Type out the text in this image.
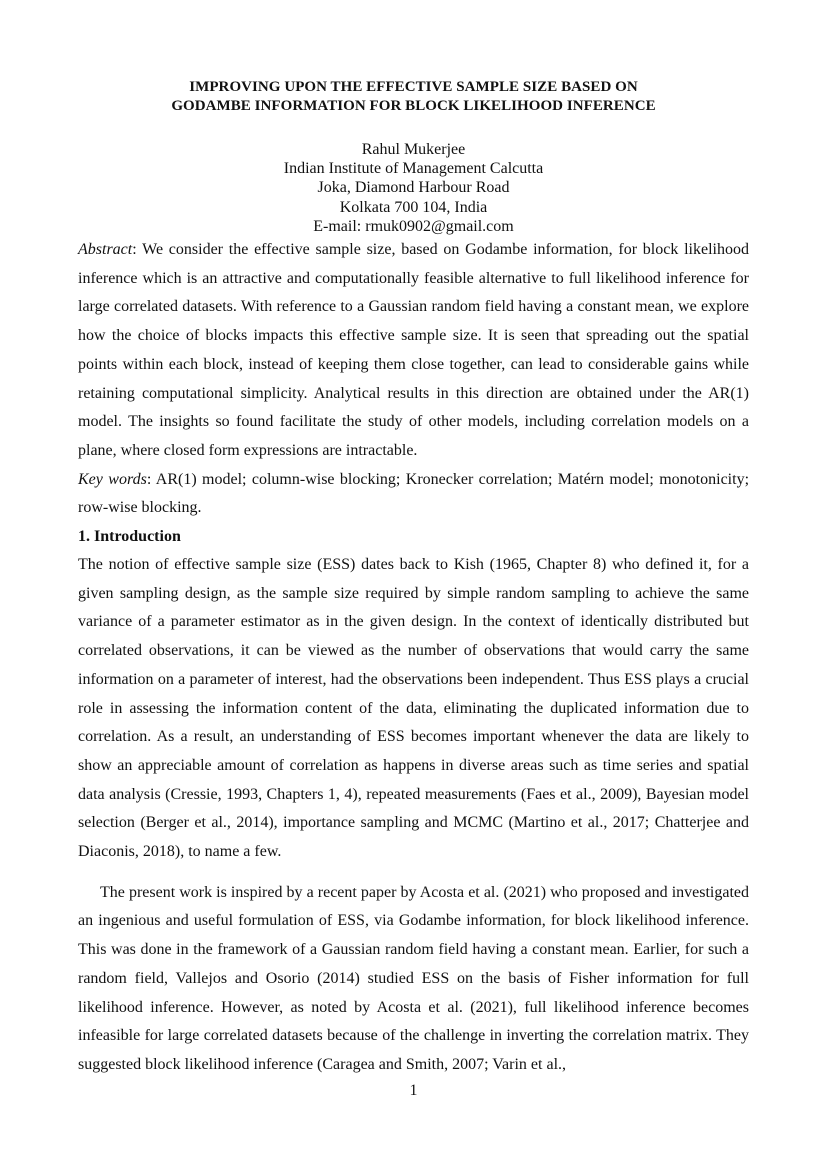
IMPROVING UPON THE EFFECTIVE SAMPLE SIZE BASED ON
GODAMBE INFORMATION FOR BLOCK LIKELIHOOD INFERENCE
Rahul Mukerjee
Indian Institute of Management Calcutta
Joka, Diamond Harbour Road
Kolkata 700 104, India
E-mail: rmuk0902@gmail.com

Abstract: We consider the effective sample size, based on Godambe information, for block likelihood inference which is an attractive and computationally feasible alternative to full likelihood inference for large correlated datasets. With reference to a Gaussian random field having a constant mean, we explore how the choice of blocks impacts this effective sample size. It is seen that spreading out the spatial points within each block, instead of keeping them close together, can lead to considerable gains while retaining computational simplicity. Analytical results in this direction are obtained under the AR(1) model. The insights so found facilitate the study of other models, including correlation models on a plane, where closed form expressions are intractable.

Key words: AR(1) model; column-wise blocking; Kronecker correlation; Matérn model; monotonicity; row-wise blocking.

1. Introduction

The notion of effective sample size (ESS) dates back to Kish (1965, Chapter 8) who defined it, for a given sampling design, as the sample size required by simple random sampling to achieve the same variance of a parameter estimator as in the given design. In the context of identically distributed but correlated observations, it can be viewed as the number of observations that would carry the same information on a parameter of interest, had the observations been independent. Thus ESS plays a crucial role in assessing the information content of the data, eliminating the duplicated information due to correlation. As a result, an understanding of ESS becomes important whenever the data are likely to show an appreciable amount of correlation as happens in diverse areas such as time series and spatial data analysis (Cressie, 1993, Chapters 1, 4), repeated measurements (Faes et al., 2009), Bayesian model selection (Berger et al., 2014), importance sampling and MCMC (Martino et al., 2017; Chatterjee and Diaconis, 2018), to name a few.

The present work is inspired by a recent paper by Acosta et al. (2021) who proposed and investigated an ingenious and useful formulation of ESS, via Godambe information, for block likelihood inference. This was done in the framework of a Gaussian random field having a constant mean. Earlier, for such a random field, Vallejos and Osorio (2014) studied ESS on the basis of Fisher information for full likelihood inference. However, as noted by Acosta et al. (2021), full likelihood inference becomes infeasible for large correlated datasets because of the challenge in inverting the correlation matrix. They suggested block likelihood inference (Caragea and Smith, 2007; Varin et al.,

1
